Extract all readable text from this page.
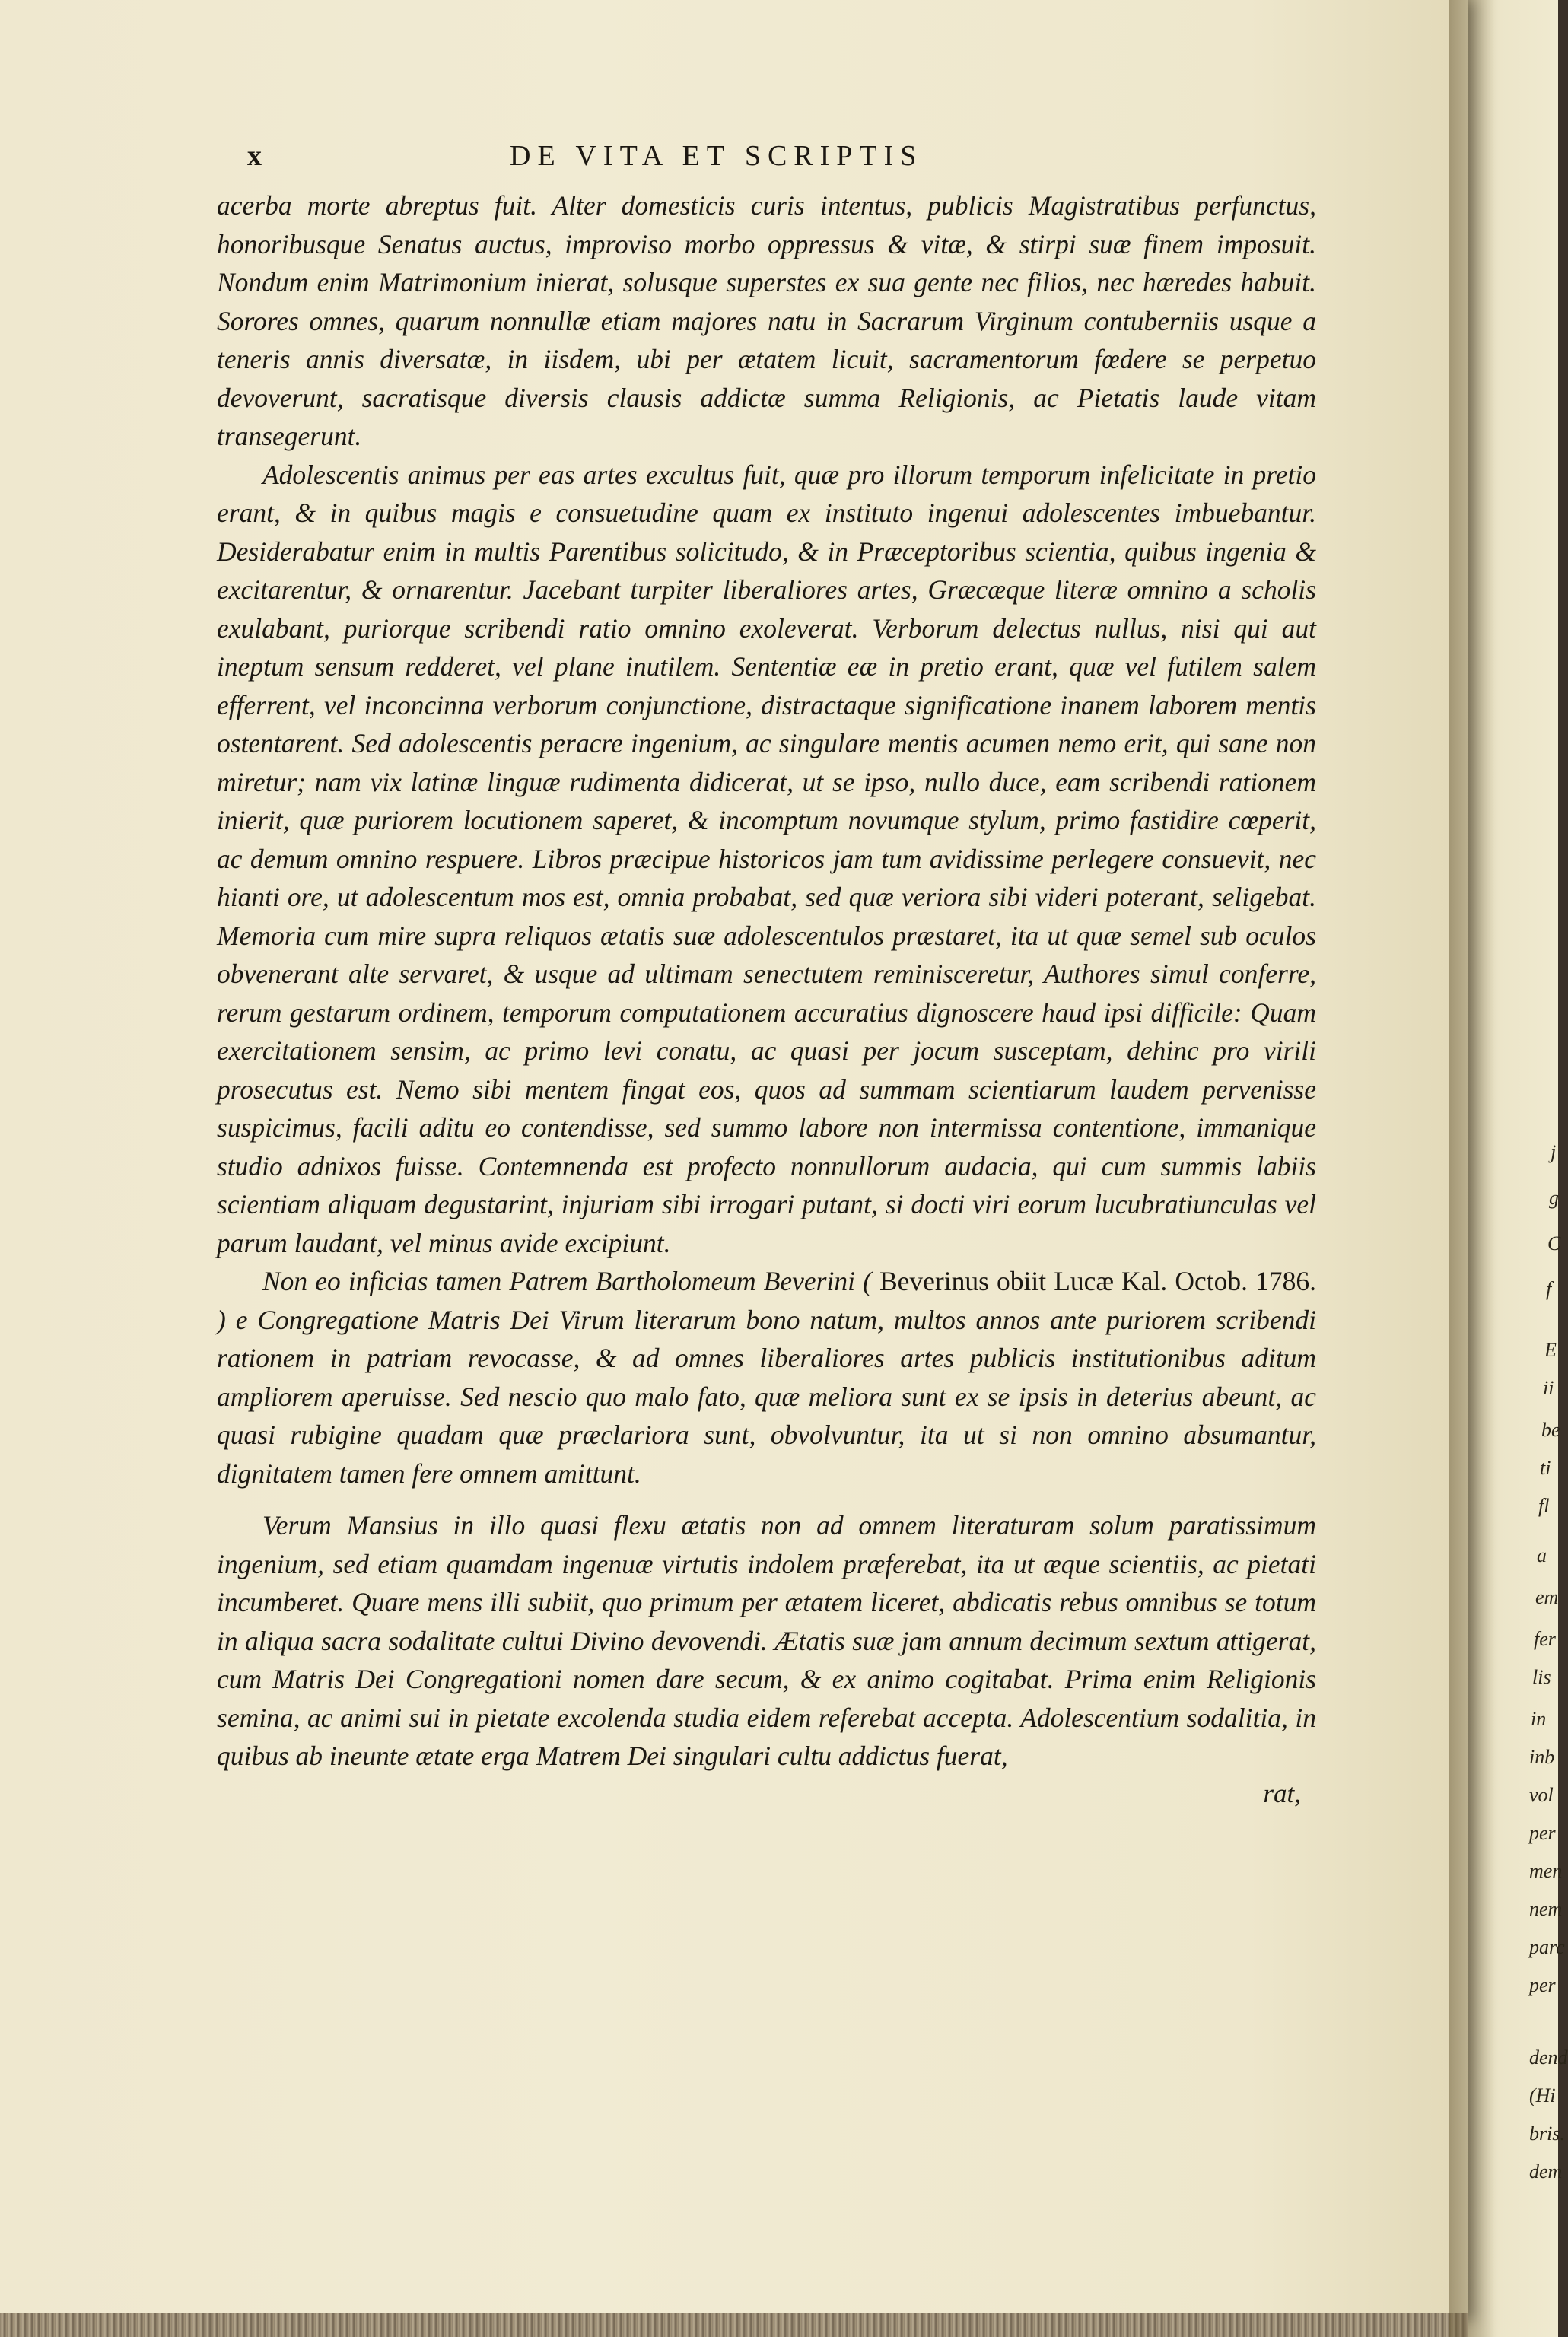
j
g
C
f
E
ii
be
ti
fl
a
em
fer
lis
in
inb
vol
per
men
nem
parc
per
dend
(Hi
bris.
dem
x	DE VITA ET SCRIPTIS

acerba morte abreptus fuit. Alter domesticis curis intentus, publicis Magistratibus perfunctus, honoribusque Senatus auctus, improviso morbo oppressus & vitæ, & stirpi suæ finem imposuit. Nondum enim Matrimonium inierat, solusque superstes ex sua gente nec filios, nec hæredes habuit. Sorores omnes, quarum nonnullæ etiam majores natu in Sacrarum Virginum contuberniis usque a teneris annis diversatæ, in iisdem, ubi per ætatem licuit, sacramentorum fœdere se perpetuo devoverunt, sacratisque diversis clausis addictæ summa Religionis, ac Pietatis laude vitam transegerunt.

Adolescentis animus per eas artes excultus fuit, quæ pro illorum temporum infelicitate in pretio erant, & in quibus magis e consuetudine quam ex instituto ingenui adolescentes imbuebantur. Desiderabatur enim in multis Parentibus solicitudo, & in Præceptoribus scientia, quibus ingenia & excitarentur, & ornarentur. Jacebant turpiter liberaliores artes, Græcæque literæ omnino a scholis exulabant, puriorque scribendi ratio omnino exoleverat. Verborum delectus nullus, nisi qui aut ineptum sensum redderet, vel plane inutilem. Sententiæ eæ in pretio erant, quæ vel futilem salem efferrent, vel inconcinna verborum conjunctione, distractaque significatione inanem laborem mentis ostentarent. Sed adolescentis peracre ingenium, ac singulare mentis acumen nemo erit, qui sane non miretur; nam vix latinæ linguæ rudimenta didicerat, ut se ipso, nullo duce, eam scribendi rationem inierit, quæ puriorem locutionem saperet, & incomptum novumque stylum, primo fastidire cœperit, ac demum omnino respuere. Libros præcipue historicos jam tum avidissime perlegere consuevit, nec hianti ore, ut adolescentum mos est, omnia probabat, sed quæ veriora sibi videri poterant, seligebat. Memoria cum mire supra reliquos ætatis suæ adolescentulos præstaret, ita ut quæ semel sub oculos obvenerant alte servaret, & usque ad ultimam senectutem reminisceretur, Authores simul conferre, rerum gestarum ordinem, temporum computationem accuratius dignoscere haud ipsi difficile: Quam exercitationem sensim, ac primo levi conatu, ac quasi per jocum susceptam, dehinc pro virili prosecutus est. Nemo sibi mentem fingat eos, quos ad summam scientiarum laudem pervenisse suspicimus, facili aditu eo contendisse, sed summo labore non intermissa contentione, immanique studio adnixos fuisse. Contemnenda est profecto nonnullorum audacia, qui cum summis labiis scientiam aliquam degustarint, injuriam sibi irrogari putant, si docti viri eorum lucubratiunculas vel parum laudant, vel minus avide excipiunt.

Non eo inficias tamen Patrem Bartholomeum Beverini ( Beverinus obiit Lucæ Kal. Octob. 1786. ) e Congregatione Matris Dei Virum literarum bono natum, multos annos ante puriorem scribendi rationem in patriam revocasse, & ad omnes liberaliores artes publicis institutionibus aditum ampliorem aperuisse. Sed nescio quo malo fato, quæ meliora sunt ex se ipsis in deterius abeunt, ac quasi rubigine quadam quæ præclariora sunt, obvolvuntur, ita ut si non omnino absumantur, dignitatem tamen fere omnem amittunt.

Verum Mansius in illo quasi flexu ætatis non ad omnem literaturam solum paratissimum ingenium, sed etiam quamdam ingenuæ virtutis indolem præferebat, ita ut æque scientiis, ac pietati incumberet. Quare mens illi subiit, quo primum per ætatem liceret, abdicatis rebus omnibus se totum in aliqua sacra sodalitate cultui Divino devovendi. Ætatis suæ jam annum decimum sextum attigerat, cum Matris Dei Congregationi nomen dare secum, & ex animo cogitabat. Prima enim Religionis semina, ac animi sui in pietate excolenda studia eidem referebat accepta. Adolescentium sodalitia, in quibus ab ineunte ætate erga Matrem Dei singulari cultu addictus fuerat,

rat,
